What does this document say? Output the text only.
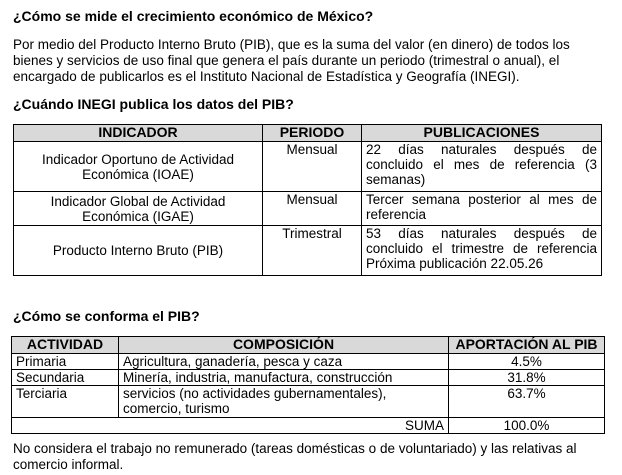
¿Cómo se mide el crecimiento económico de México?

Por medio del Producto Interno Bruto (PIB), que es la suma del valor (en dinero) de todos los bienes y servicios de uso final que genera el país durante un periodo (trimestral o anual), el encargado de publicarlos es el Instituto Nacional de Estadística y Geografía (INEGI).

¿Cuándo INEGI publica los datos del PIB?

INDICADOR	PERIODO	PUBLICACIONES
Indicador Oportuno de Actividad Económica (IOAE)	Mensual	22 días naturales después de concluido el mes de referencia (3 semanas)
Indicador Global de Actividad Económica (IGAE)	Mensual	Tercer semana posterior al mes de referencia
Producto Interno Bruto (PIB)	Trimestral	53 días naturales después de concluido el trimestre de referencia Próxima publicación 22.05.26

¿Cómo se conforma el PIB?

ACTIVIDAD	COMPOSICIÓN	APORTACIÓN AL PIB
Primaria	Agricultura, ganadería, pesca y caza	4.5%
Secundaria	Minería, industria, manufactura, construcción	31.8%
Terciaria	servicios (no actividades gubernamentales), comercio, turismo	63.7%
	SUMA	100.0%

No considera el trabajo no remunerado (tareas domésticas o de voluntariado) y las relativas al comercio informal.
